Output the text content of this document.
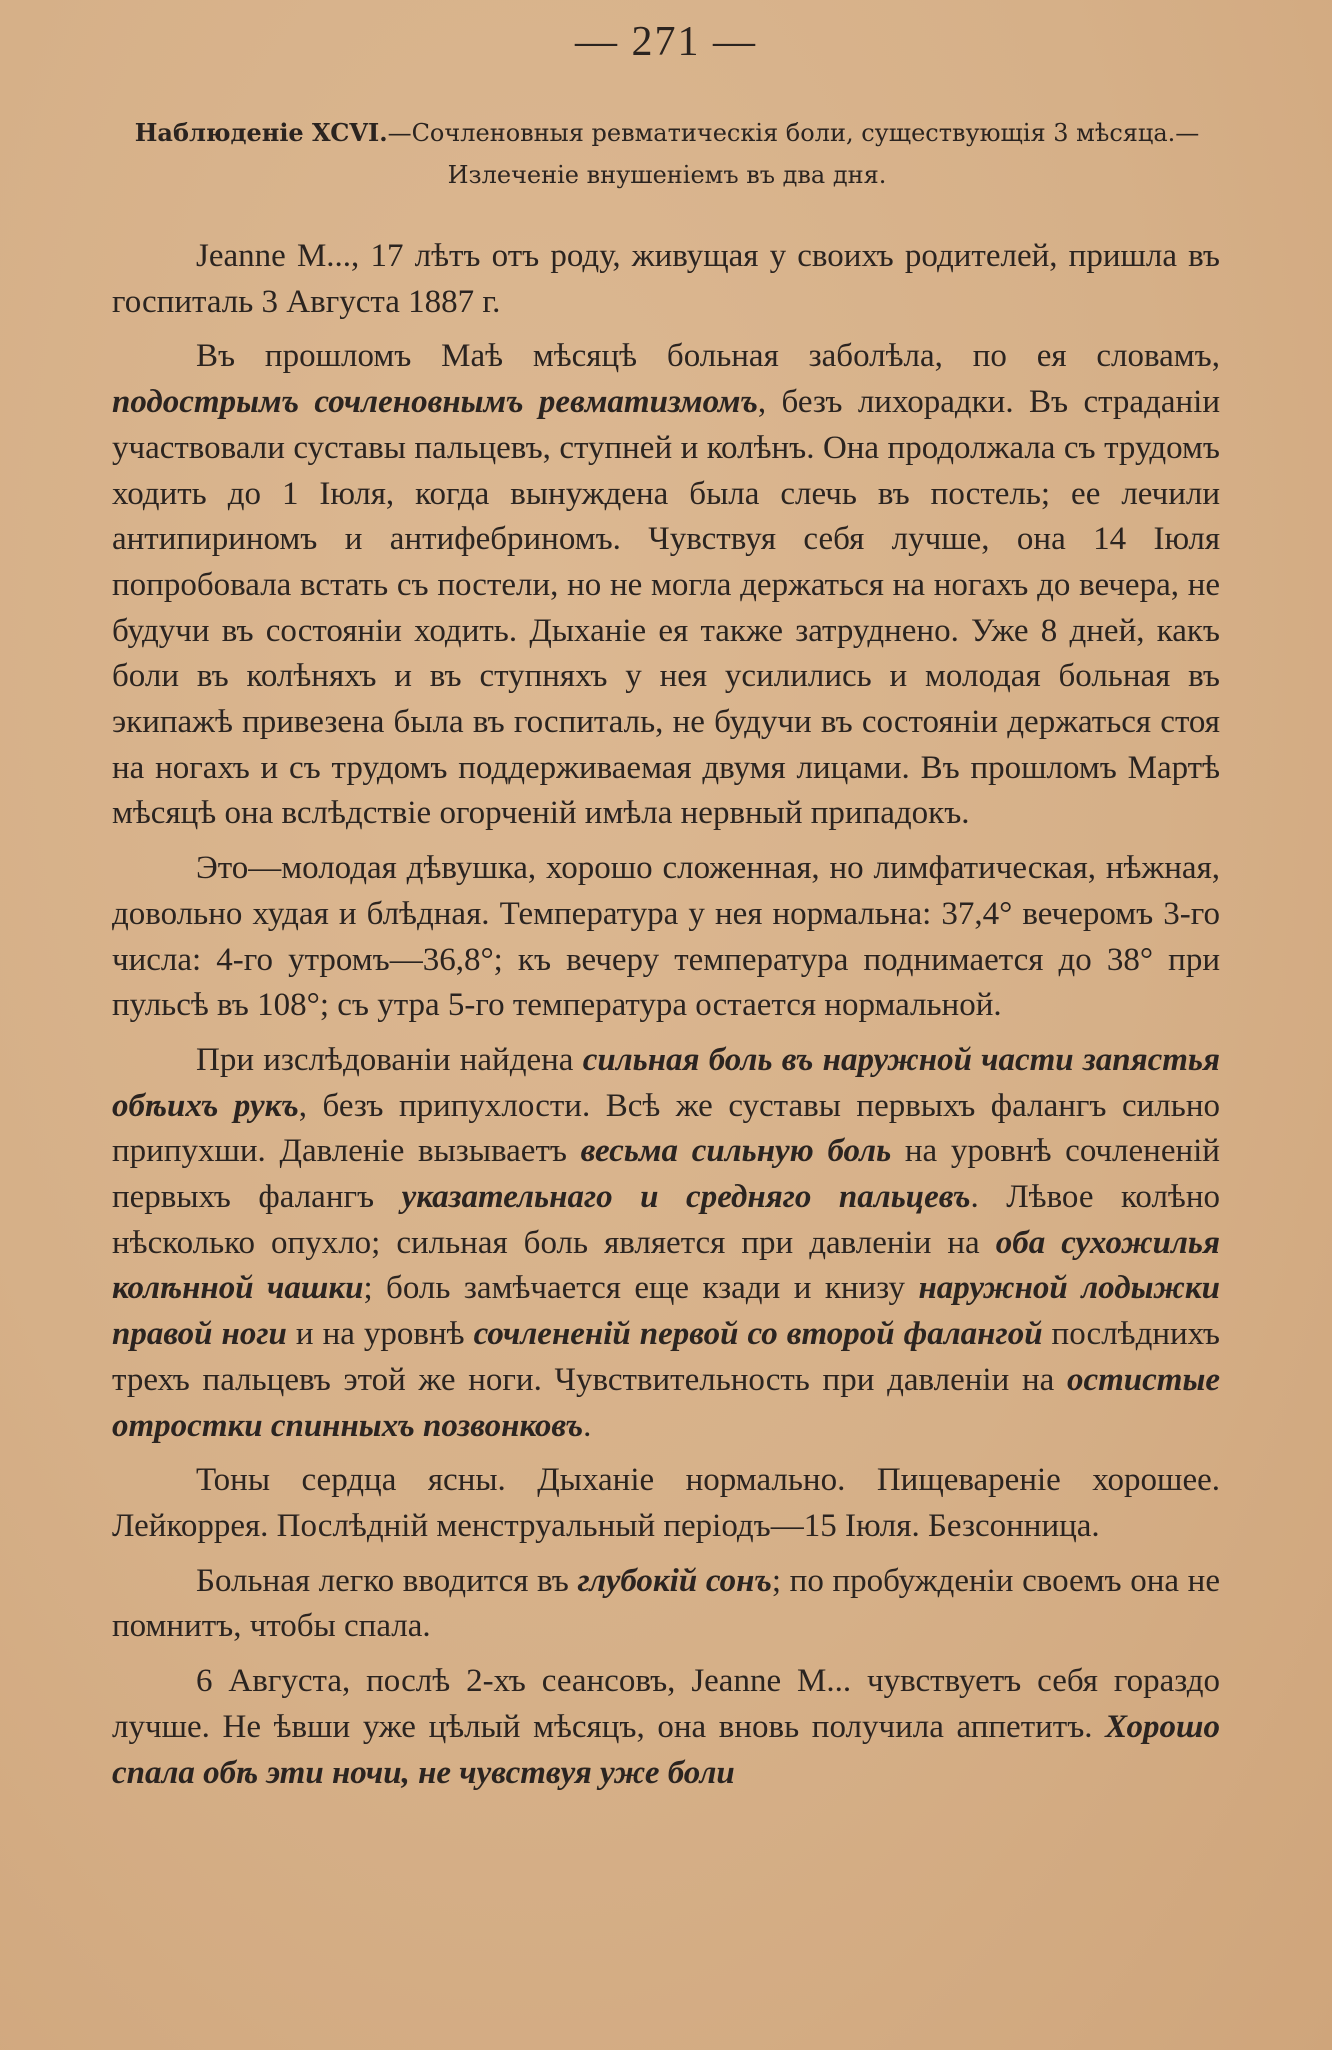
— 271 —
Наблюденіе XCVI.—Сочленовныя ревматическія боли, существующія 3 мѣсяца.—
Излеченіе внушеніемъ въ два дня.

Jeanne M..., 17 лѣтъ отъ роду, живущая у своихъ родителей, пришла въ госпиталь 3 Августа 1887 г.

Въ прошломъ Маѣ мѣсяцѣ больная заболѣла, по ея словамъ, подострымъ сочленовнымъ ревматизмомъ, безъ лихорадки. Въ страданіи участвовали суставы пальцевъ, ступней и колѣнъ. Она продолжала съ трудомъ ходить до 1 Іюля, когда вынуждена была слечь въ постель; ее лечили антипириномъ и антифебриномъ. Чувствуя себя лучше, она 14 Іюля попробовала встать съ постели, но не могла держаться на ногахъ до вечера, не будучи въ состояніи ходить. Дыханіе ея также затруднено. Уже 8 дней, какъ боли въ колѣняхъ и въ ступняхъ у нея усилились и молодая больная въ экипажѣ привезена была въ госпиталь, не будучи въ состояніи держаться стоя на ногахъ и съ трудомъ поддерживаемая двумя лицами. Въ прошломъ Мартѣ мѣсяцѣ она вслѣдствіе огорченій имѣла нервный припадокъ.

Это—молодая дѣвушка, хорошо сложенная, но лимфатическая, нѣжная, довольно худая и блѣдная. Температура у нея нормальна: 37,4° вечеромъ 3-го числа: 4-го утромъ—36,8°; къ вечеру температура поднимается до 38° при пульсѣ въ 108°; съ утра 5-го температура остается нормальной.

При изслѣдованіи найдена сильная боль въ наружной части запястья обѣихъ рукъ, безъ припухлости. Всѣ же суставы первыхъ фалангъ сильно припухши. Давленіе вызываетъ весьма сильную боль на уровнѣ сочлененій первыхъ фалангъ указательнаго и средняго пальцевъ. Лѣвое колѣно нѣсколько опухло; сильная боль является при давленіи на оба сухожилья колѣнной чашки; боль замѣчается еще кзади и книзу наружной лодыжки правой ноги и на уровнѣ сочлененій первой со второй фалангой послѣднихъ трехъ пальцевъ этой же ноги. Чувствительность при давленіи на остистые отростки спинныхъ позвонковъ.

Тоны сердца ясны. Дыханіе нормально. Пищевареніе хорошее. Лейкоррея. Послѣдній менструальный періодъ—15 Іюля. Безсонница.

Больная легко вводится въ глубокій сонъ; по пробужденіи своемъ она не помнитъ, чтобы спала.

6 Августа, послѣ 2-хъ сеансовъ, Jeanne M... чувствуетъ себя гораздо лучше. Не ѣвши уже цѣлый мѣсяцъ, она вновь получила аппетитъ. Хорошо спала обѣ эти ночи, не чувствуя уже боли
